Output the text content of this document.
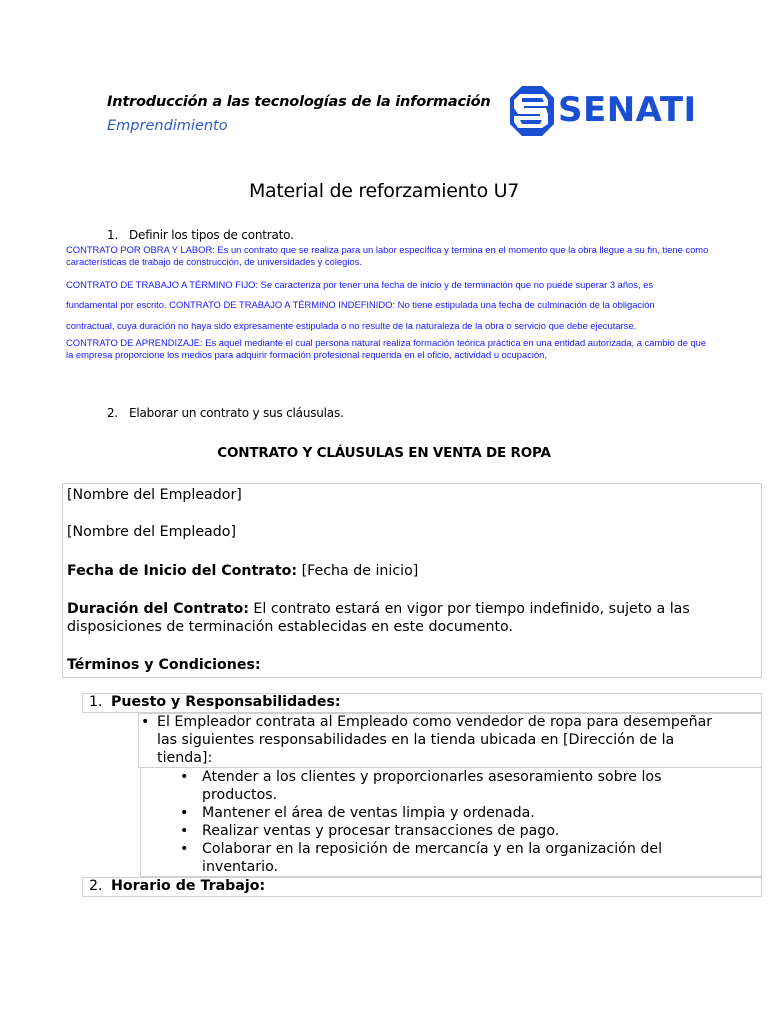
Introducción a las tecnologías de la información
Emprendimiento	SENATI
Material de reforzamiento U7
1. Definir los tipos de contrato.
CONTRATO POR OBRA Y LABOR: Es un contrato que se realiza para un labor específica y termina en el momento que la obra llegue a su fin, tiene como
características de trabajo de construcción, de universidades y colegios.
CONTRATO DE TRABAJO A TÉRMINO FIJO: Se caracteriza por tener una fecha de inicio y de terminación que no puede superar 3 años, es
fundamental por escrito. CONTRATO DE TRABAJO A TÉRMINO INDEFINIDO: No tiene estipulada una fecha de culminación de la obligación
contractual, cuya duración no haya sido expresamente estipulada o no resulte de la naturaleza de la obra o servicio que debe ejecutarse.
CONTRATO DE APRENDIZAJE: Es aquel mediante el cual persona natural realiza formación teórica práctica en una entidad autorizada, a cambio de que
la empresa proporcione los medios para adquirir formación profesional requerida en el oficio, actividad u ocupación,
2. Elaborar un contrato y sus cláusulas.
CONTRATO Y CLÁUSULAS EN VENTA DE ROPA
[Nombre del Empleador]
[Nombre del Empleado]
Fecha de Inicio del Contrato: [Fecha de inicio]
Duración del Contrato: El contrato estará en vigor por tiempo indefinido, sujeto a las
disposiciones de terminación establecidas en este documento.
Términos y Condiciones:
1. Puesto y Responsabilidades:
• El Empleador contrata al Empleado como vendedor de ropa para desempeñar
las siguientes responsabilidades en la tienda ubicada en [Dirección de la
tienda]:
• Atender a los clientes y proporcionarles asesoramiento sobre los
productos.
• Mantener el área de ventas limpia y ordenada.
• Realizar ventas y procesar transacciones de pago.
• Colaborar en la reposición de mercancía y en la organización del
inventario.
2. Horario de Trabajo:
